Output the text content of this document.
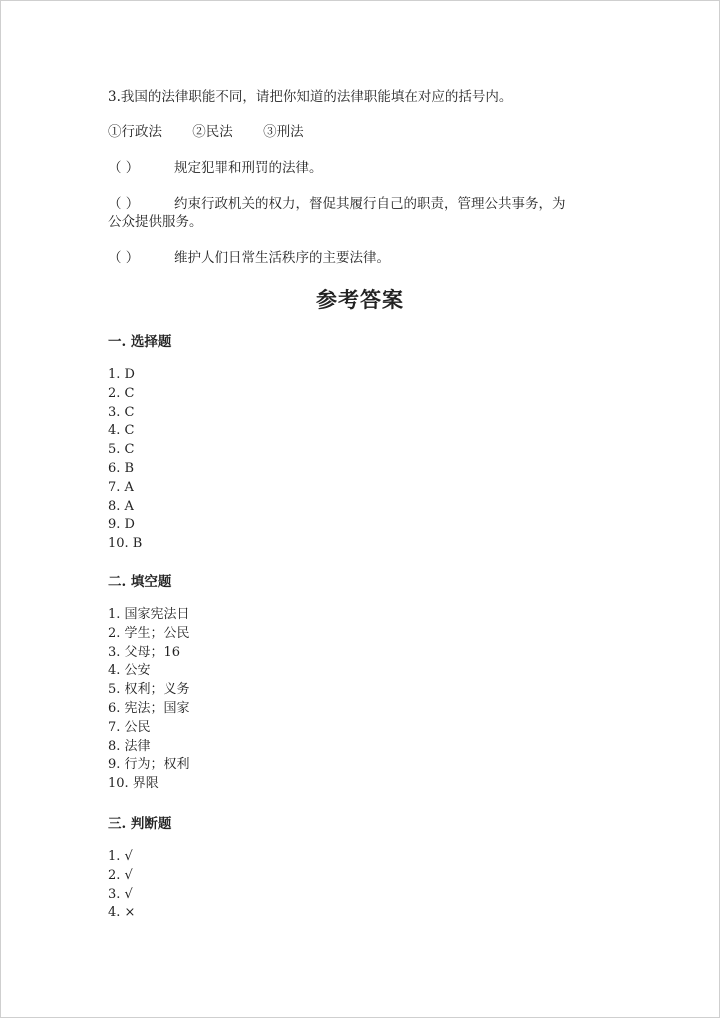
3.我国的法律职能不同，请把你知道的法律职能填在对应的括号内。
①行政法 ②民法 ③刑法
（ ）	规定犯罪和刑罚的法律。
（ ）	约束行政机关的权力，督促其履行自己的职责，管理公共事务，为
公众提供服务。
（ ）	维护人们日常生活秩序的主要法律。
参考答案
一. 选择题
1. D
2. C
3. C
4. C
5. C
6. B
7. A
8. A
9. D
10. B
二. 填空题
1. 国家宪法日
2. 学生；公民
3. 父母；16
4. 公安
5. 权利；义务
6. 宪法；国家
7. 公民
8. 法律
9. 行为；权利
10. 界限
三. 判断题
1. √
2. √
3. √
4. ×
